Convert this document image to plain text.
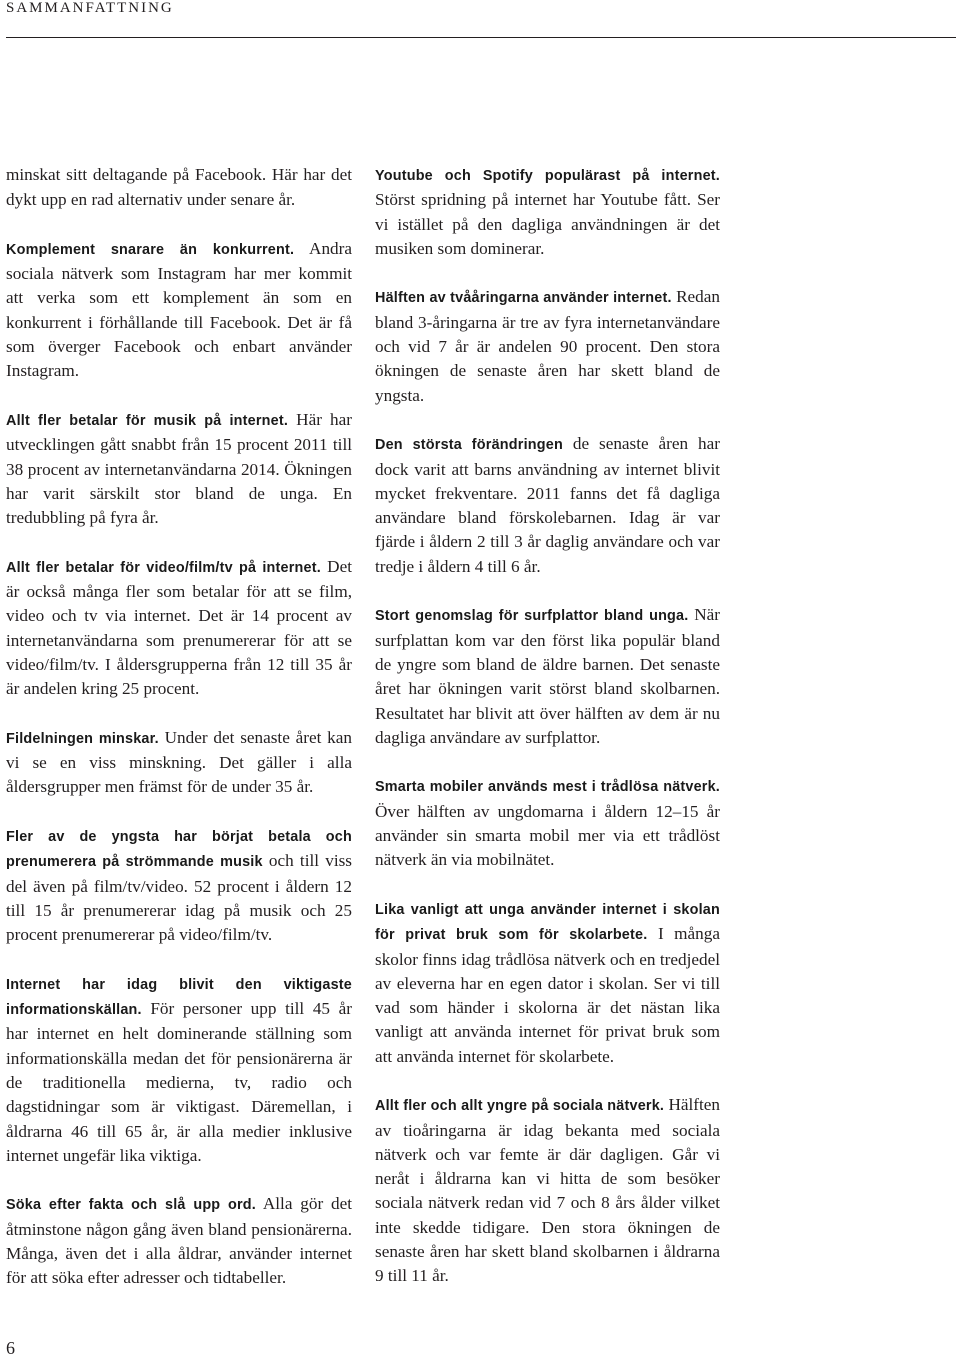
SAMMANFATTNING

minskat sitt deltagande på Facebook. Här har det dykt upp en rad alternativ under senare år.

Komplement snarare än konkurrent. Andra sociala nätverk som Instagram har mer kommit att verka som ett komplement än som en konkurrent i förhållande till Facebook. Det är få som överger Facebook och enbart använder Instagram.

Allt fler betalar för musik på internet. Här har utvecklingen gått snabbt från 15 procent 2011 till 38 procent av internetanvändarna 2014. Ökningen har varit särskilt stor bland de unga. En tredubbling på fyra år.

Allt fler betalar för video/film/tv på internet. Det är också många fler som betalar för att se film, video och tv via internet. Det är 14 procent av internetanvändarna som prenumererar för att se video/film/tv. I åldersgrupperna från 12 till 35 år är andelen kring 25 procent.

Fildelningen minskar. Under det senaste året kan vi se en viss minskning. Det gäller i alla åldersgrupper men främst för de under 35 år.

Fler av de yngsta har börjat betala och prenumerera på strömmande musik och till viss del även på film/tv/video. 52 procent i åldern 12 till 15 år prenumererar idag på musik och 25 procent prenumererar på video/film/tv.

Internet har idag blivit den viktigaste informationskällan. För personer upp till 45 år har internet en helt dominerande ställning som informationskälla medan det för pensionärerna är de traditionella medierna, tv, radio och dagstidningar som är viktigast. Däremellan, i åldrarna 46 till 65 år, är alla medier inklusive internet ungefär lika viktiga.

Söka efter fakta och slå upp ord. Alla gör det åtminstone någon gång även bland pensionärerna. Många, även det i alla åldrar, använder internet för att söka efter adresser och tidtabeller.

Youtube och Spotify populärast på internet. Störst spridning på internet har Youtube fått. Ser vi istället på den dagliga användningen är det musiken som dominerar.

Hälften av tvååringarna använder internet. Redan bland 3-åringarna är tre av fyra internetanvändare och vid 7 år är andelen 90 procent. Den stora ökningen de senaste åren har skett bland de yngsta.

Den största förändringen de senaste åren har dock varit att barns användning av internet blivit mycket frekventare. 2011 fanns det få dagliga användare bland förskolebarnen. Idag är var fjärde i åldern 2 till 3 år daglig användare och var tredje i åldern 4 till 6 år.

Stort genomslag för surfplattor bland unga. När surfplattan kom var den först lika populär bland de yngre som bland de äldre barnen. Det senaste året har ökningen varit störst bland skolbarnen. Resultatet har blivit att över hälften av dem är nu dagliga användare av surfplattor.

Smarta mobiler används mest i trådlösa nätverk. Över hälften av ungdomarna i åldern 12–15 år använder sin smarta mobil mer via ett trådlöst nätverk än via mobilnätet.

Lika vanligt att unga använder internet i skolan för privat bruk som för skolarbete. I många skolor finns idag trådlösa nätverk och en tredjedel av eleverna har en egen dator i skolan. Ser vi till vad som händer i skolorna är det nästan lika vanligt att använda internet för privat bruk som att använda internet för skolarbete.

Allt fler och allt yngre på sociala nätverk. Hälften av tioåringarna är idag bekanta med sociala nätverk och var femte är där dagligen. Går vi neråt i åldrarna kan vi hitta de som besöker sociala nätverk redan vid 7 och 8 års ålder vilket inte skedde tidigare. Den stora ökningen de senaste åren har skett bland skolbarnen i åldrarna 9 till 11 år.

6
